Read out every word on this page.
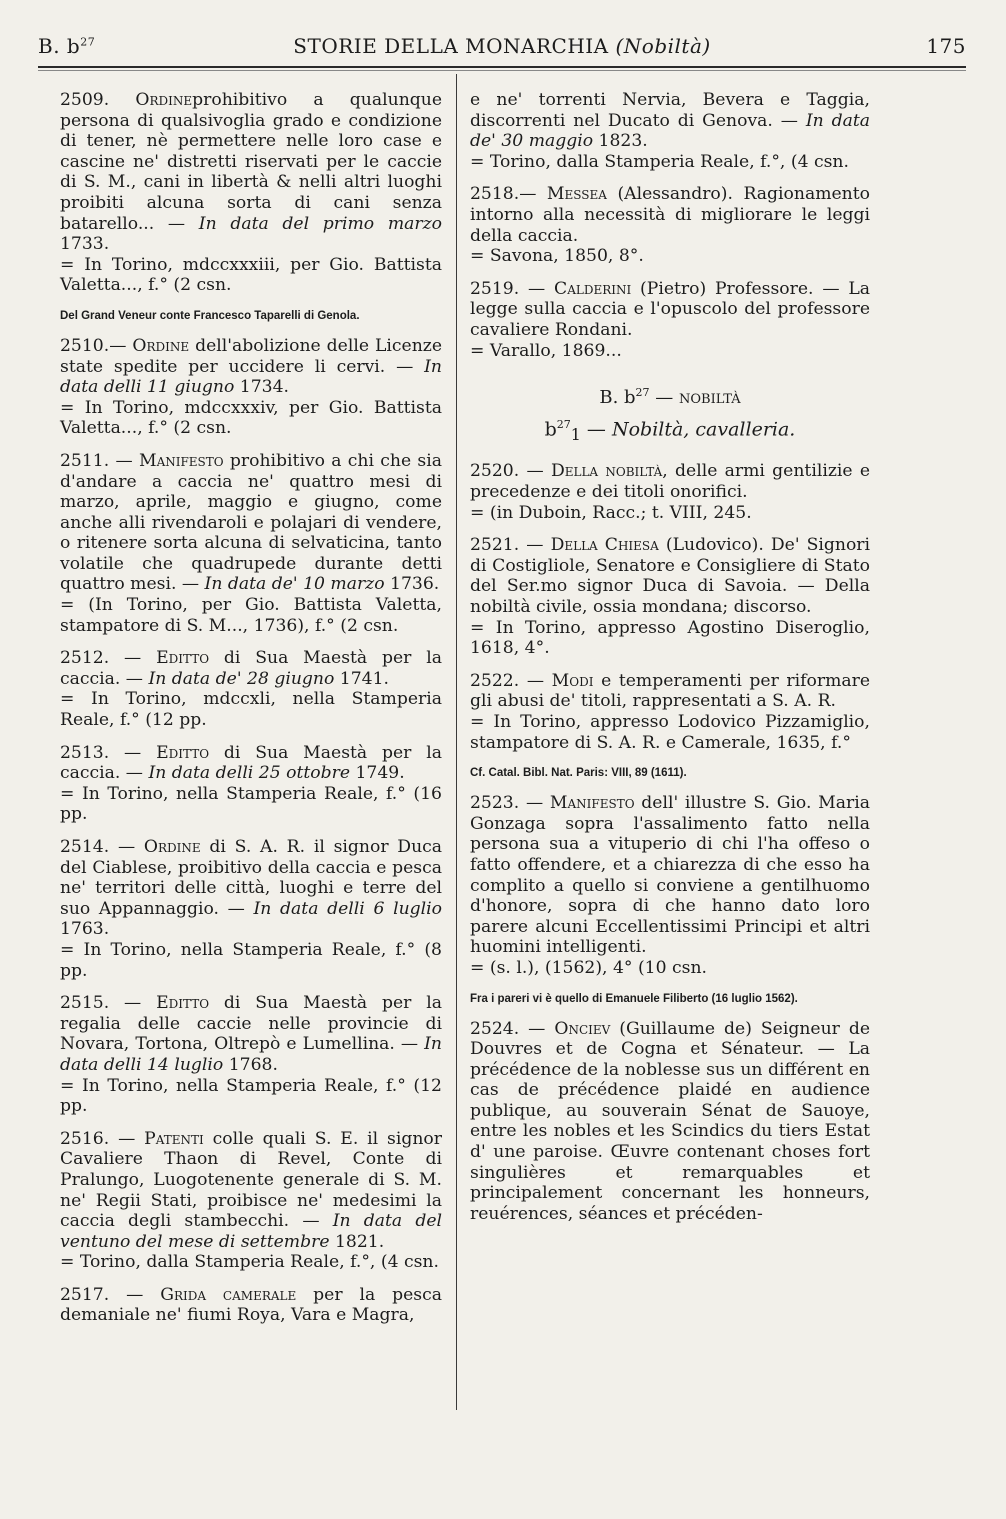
B. $b^{27}$	STORIE DELLA MONARCHIA (Nobiltà)	175
2509. Ordineprohibitivo a qualunque persona di qualsivoglia grado e condizione di tener, nè permettere nelle loro case e cascine ne' distretti riservati per le caccie di S. M., cani in libertà & nelli altri luoghi proibiti alcuna sorta di cani senza batarello... — In data del primo marzo 1733.
= In Torino, mdccxxxiii, per Gio. Battista Valetta..., f.° (2 csn.
Del Grand Veneur conte Francesco Taparelli di Genola.
2510.— Ordine dell'abolizione delle Licenze state spedite per uccidere li cervi. — In data delli 11 giugno 1734.
= In Torino, mdccxxxiv, per Gio. Battista Valetta..., f.° (2 csn.
2511. — Manifesto prohibitivo a chi che sia d'andare a caccia ne' quattro mesi di marzo, aprile, maggio e giugno, come anche alli rivendaroli e polajari di vendere, o ritenere sorta alcuna di selvaticina, tanto volatile che quadrupede durante detti quattro mesi. — In data de' 10 marzo 1736.
= (In Torino, per Gio. Battista Valetta, stampatore di S. M..., 1736), f.° (2 csn.
2512. — Editto di Sua Maestà per la caccia. — In data de' 28 giugno 1741.
= In Torino, mdccxli, nella Stamperia Reale, f.° (12 pp.
2513. — Editto di Sua Maestà per la caccia. — In data delli 25 ottobre 1749.
= In Torino, nella Stamperia Reale, f.° (16 pp.
2514. — Ordine di S. A. R. il signor Duca del Ciablese, proibitivo della caccia e pesca ne' territori delle città, luoghi e terre del suo Appannaggio. — In data delli 6 luglio 1763.
= In Torino, nella Stamperia Reale, f.° (8 pp.
2515. — Editto di Sua Maestà per la regalia delle caccie nelle provincie di Novara, Tortona, Oltrepò e Lumellina. — In data delli 14 luglio 1768.
= In Torino, nella Stamperia Reale, f.° (12 pp.
2516. — Patenti colle quali S. E. il signor Cavaliere Thaon di Revel, Conte di Pralungo, Luogotenente generale di S. M. ne' Regii Stati, proibisce ne' medesimi la caccia degli stambecchi. — In data del ventuno del mese di settembre 1821.
= Torino, dalla Stamperia Reale, f.°, (4 csn.
2517. — Grida camerale per la pesca demaniale ne' fiumi Roya, Vara e Magra,
e ne' torrenti Nervia, Bevera e Taggia, discorrenti nel Ducato di Genova. — In data de' 30 maggio 1823.
= Torino, dalla Stamperia Reale, f.°, (4 csn.
2518.— Messea (Alessandro). Ragionamento intorno alla necessità di migliorare le leggi della caccia.
= Savona, 1850, 8°.
2519. — Calderini (Pietro) Professore. — La legge sulla caccia e l'opuscolo del professore cavaliere Rondani.
= Varallo, 1869...
B. $b^{27}$ — nobiltà
$b^{27}_1$ — Nobiltà, cavalleria.
2520. — Della nobiltà, delle armi gentilizie e precedenze e dei titoli onorifici.
= (in Duboin, Racc.; t. VIII, 245.
2521. — Della Chiesa (Ludovico). De' Signori di Costigliole, Senatore e Consigliere di Stato del Ser.mo signor Duca di Savoia. — Della nobiltà civile, ossia mondana; discorso.
= In Torino, appresso Agostino Diseroglio, 1618, 4°.
2522. — Modi e temperamenti per riformare gli abusi de' titoli, rappresentati a S. A. R.
= In Torino, appresso Lodovico Pizzamiglio, stampatore di S. A. R. e Camerale, 1635, f.°
Cf. Catal. Bibl. Nat. Paris: VIII, 89 (1611).
2523. — Manifesto dell' illustre S. Gio. Maria Gonzaga sopra l'assalimento fatto nella persona sua a vituperio di chi l'ha offeso o fatto offendere, et a chiarezza di che esso ha complito a quello si conviene a gentilhuomo d'honore, sopra di che hanno dato loro parere alcuni Eccellentissimi Principi et altri huomini intelligenti.
= (s. l.), (1562), 4° (10 csn.
Fra i pareri vi è quello di Emanuele Filiberto (16 luglio 1562).
2524. — Onciev (Guillaume de) Seigneur de Douvres et de Cogna et Sénateur. — La précédence de la noblesse sus un différent en cas de précédence plaidé en audience publique, au souverain Sénat de Sauoye, entre les nobles et les Scindics du tiers Estat d' une paroise. Œuvre contenant choses fort singulières et remarquables et principalement concernant les honneurs, reuérences, séances et précéden-
